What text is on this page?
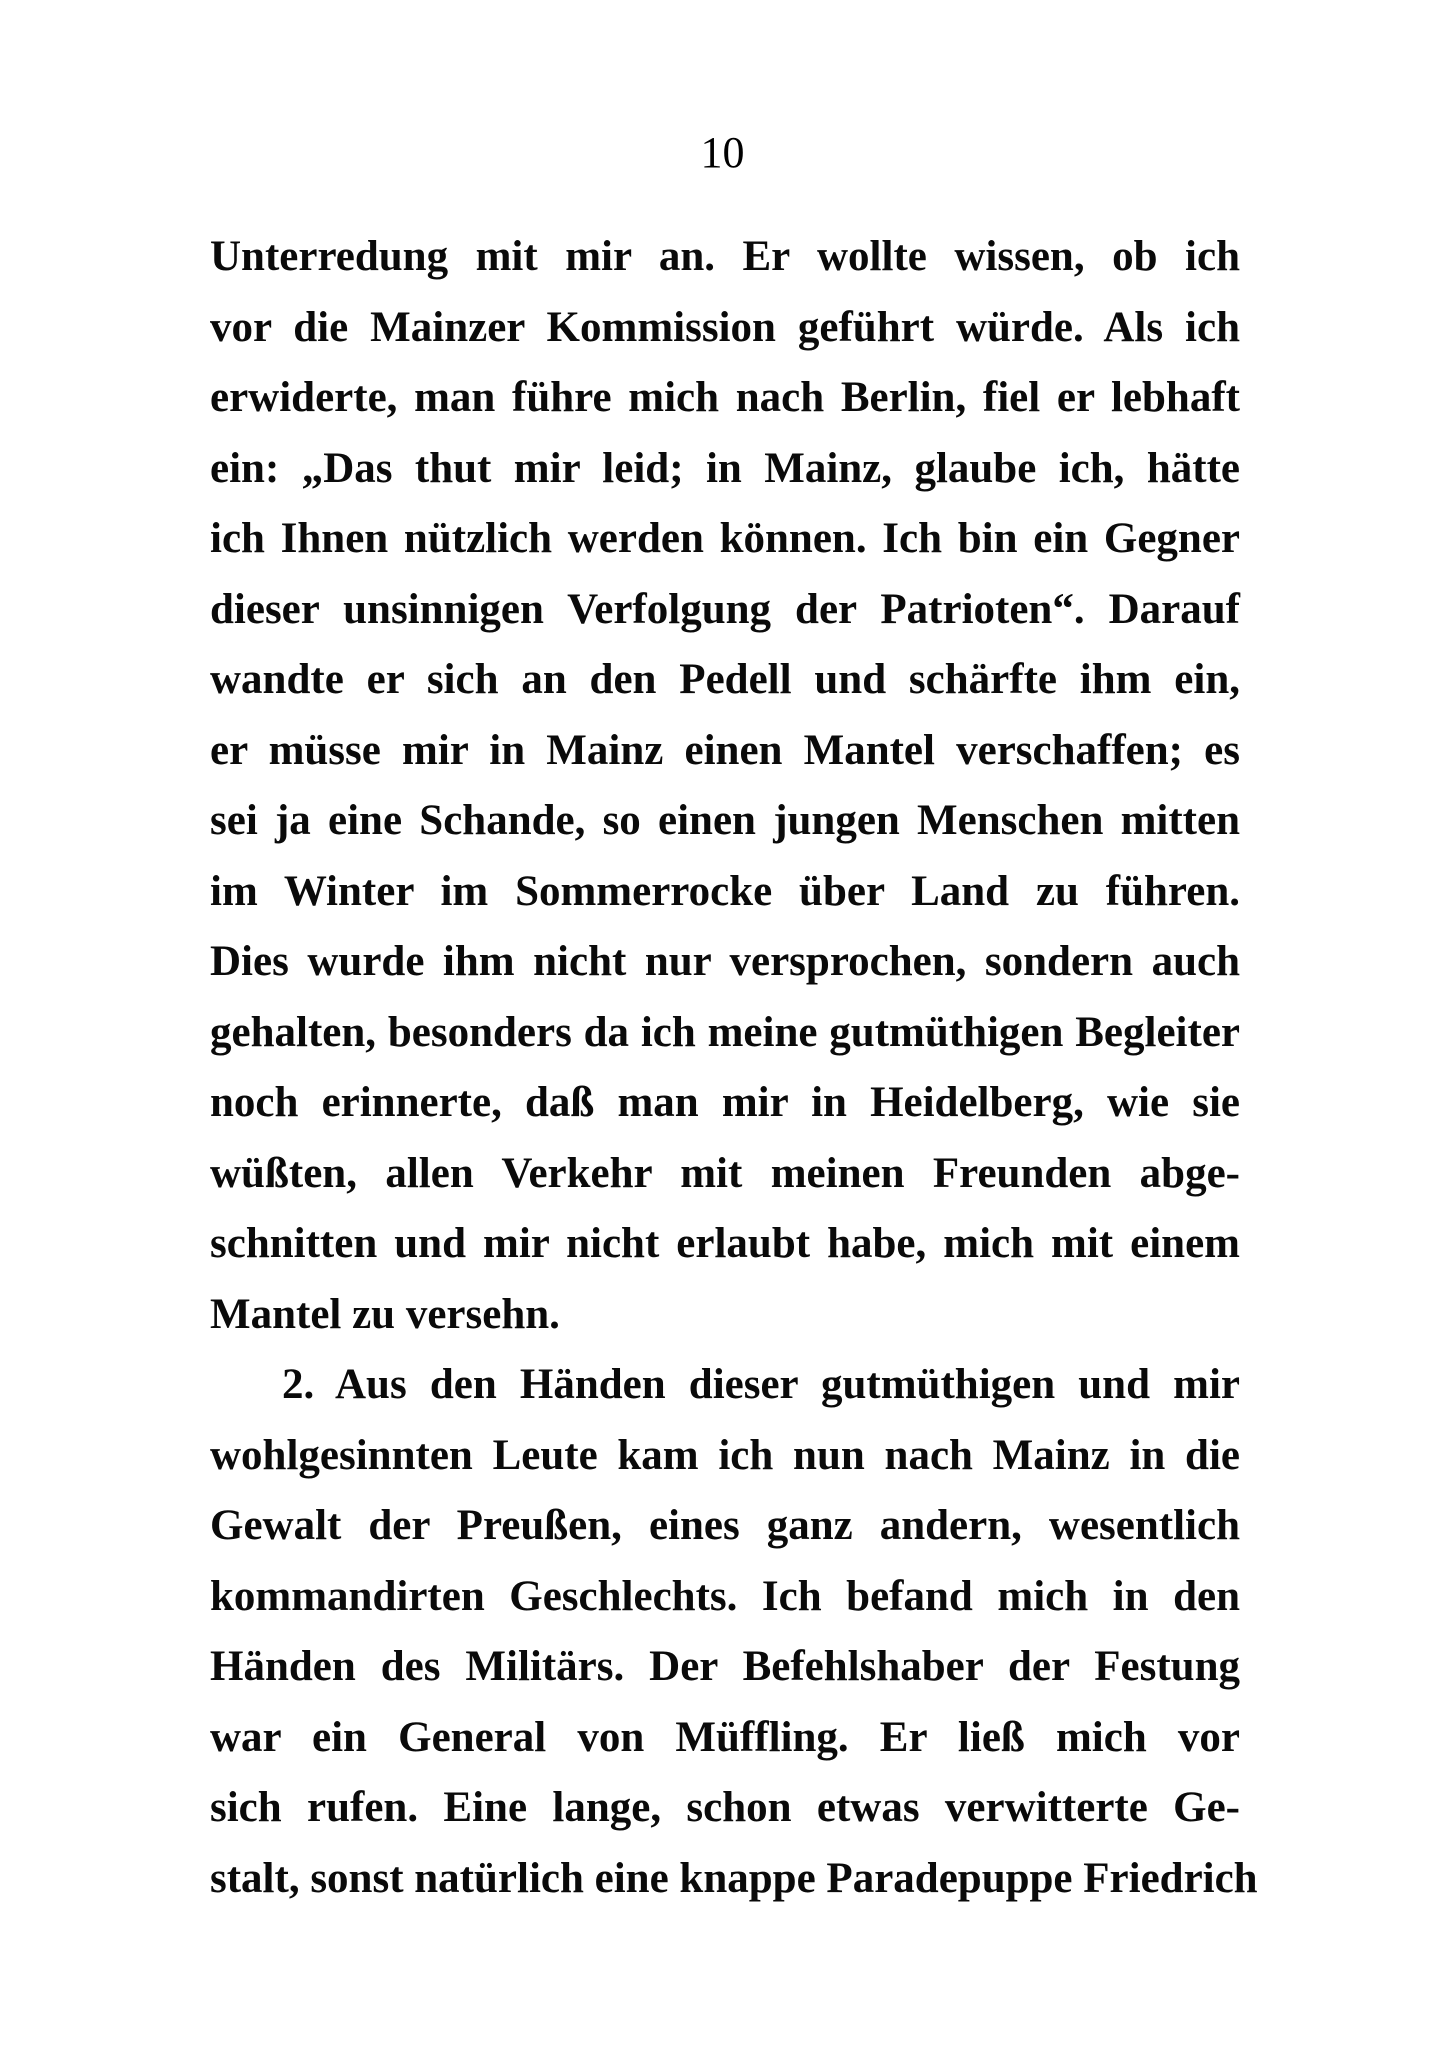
10
Unterredung mit mir an. Er wollte wissen, ob ich
vor die Mainzer Kommission geführt würde. Als ich
erwiderte, man führe mich nach Berlin, fiel er lebhaft
ein: „Das thut mir leid; in Mainz, glaube ich, hätte
ich Ihnen nützlich werden können. Ich bin ein Gegner
dieser unsinnigen Verfolgung der Patrioten“. Darauf
wandte er sich an den Pedell und schärfte ihm ein,
er müsse mir in Mainz einen Mantel verschaffen; es
sei ja eine Schande, so einen jungen Menschen mitten
im Winter im Sommerrocke über Land zu führen.
Dies wurde ihm nicht nur versprochen, sondern auch
gehalten, besonders da ich meine gutmüthigen Begleiter
noch erinnerte, daß man mir in Heidelberg, wie sie
wüßten, allen Verkehr mit meinen Freunden abge-
schnitten und mir nicht erlaubt habe, mich mit einem
Mantel zu versehn.
2. Aus den Händen dieser gutmüthigen und mir
wohlgesinnten Leute kam ich nun nach Mainz in die
Gewalt der Preußen, eines ganz andern, wesentlich
kommandirten Geschlechts. Ich befand mich in den
Händen des Militärs. Der Befehlshaber der Festung
war ein General von Müffling. Er ließ mich vor
sich rufen. Eine lange, schon etwas verwitterte Ge-
stalt, sonst natürlich eine knappe Paradepuppe Friedrich
